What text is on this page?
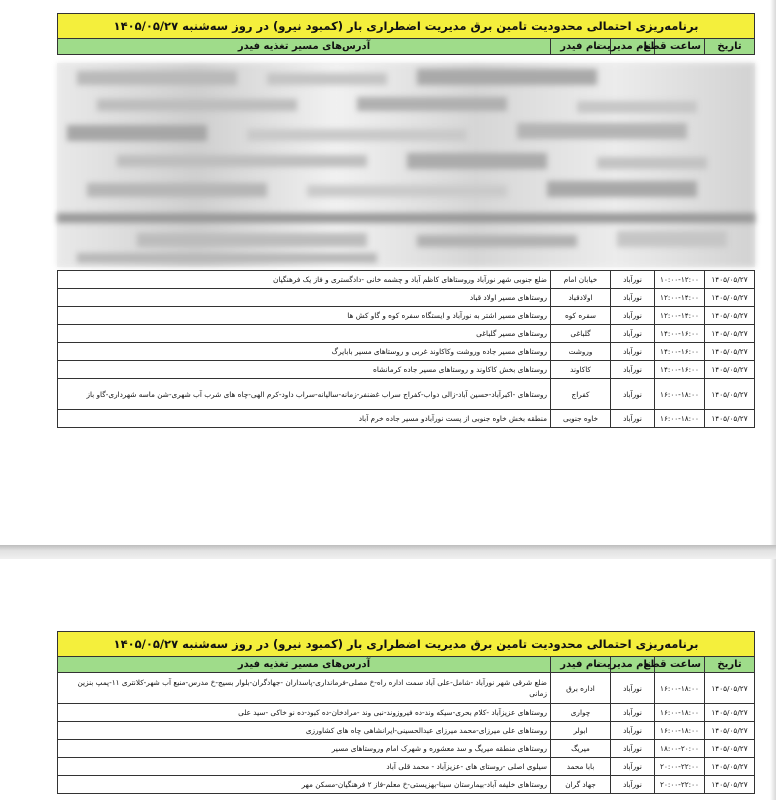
برنامه‌ریزی احتمالی محدودیت تامین برق مدیریت اضطراری بار (کمبود نیرو) در روز سه‌شنبه ۱۴۰۵/۰۵/۲۷
تاریخ	ساعت قطع	نام مدیریت	نام فیدر	آدرس‌های مسیر تغذیه فیدر
۱۴۰۵/۰۵/۲۷	۱۰:۰۰-۱۲:۰۰	نورآباد	خیابان امام	ضلع جنوبی شهر نورآباد وروستاهای کاظم آباد و چشمه خانی -دادگستری و فاز یک فرهنگیان
۱۴۰۵/۰۵/۲۷	۱۲:۰۰-۱۴:۰۰	نورآباد	اولادقباد	روستاهای مسیر اولاد قباد
۱۴۰۵/۰۵/۲۷	۱۲:۰۰-۱۴:۰۰	نورآباد	سفره کوه	روستاهای مسیر اشتر به نورآباد و ایستگاه سفره کوه و گاو کش ها
۱۴۰۵/۰۵/۲۷	۱۴:۰۰-۱۶:۰۰	نورآباد	گلباغی	روستاهای مسیر گلباغی
۱۴۰۵/۰۵/۲۷	۱۴:۰۰-۱۶:۰۰	نورآباد	وروشت	روستاهای مسیر جاده وروشت وکاکاوند غربی و روستاهای مسیر بابایرگ
۱۴۰۵/۰۵/۲۷	۱۴:۰۰-۱۶:۰۰	نورآباد	کاکاوند	روستاهای بخش کاکاوند و روستاهای مسیر جاده کرمانشاه
۱۴۰۵/۰۵/۲۷	۱۶:۰۰-۱۸:۰۰	نورآباد	کفراج	روستاهای -اکبرآباد-حسین آباد-زالی دواب-کفراج سراب غضنفر-زمانه-سالیانه-سراب داود-کرم الهی-چاه های شرب آب شهری-شن ماسه شهرداری-گاو باز
۱۴۰۵/۰۵/۲۷	۱۶:۰۰-۱۸:۰۰	نورآباد	خاوه جنوبی	منطقه بخش خاوه جنوبی از پست نورآبادو مسیر جاده خرم آباد
برنامه‌ریزی احتمالی محدودیت تامین برق مدیریت اضطراری بار (کمبود نیرو) در روز سه‌شنبه ۱۴۰۵/۰۵/۲۷				
تاریخ	ساعت قطع	نام مدیریت	نام فیدر	آدرس‌های مسیر تغذیه فیدر
۱۴۰۵/۰۵/۲۷	۱۶:۰۰-۱۸:۰۰	نورآباد	اداره برق	ضلع شرقی شهر نورآباد -شامل-علی آباد سمت اداره راه-خ مصلی-فرمانداری-پاسداران -جهادگران-بلوار بسیج-خ مدرس-منبع آب شهر-کلانتری ۱۱-پمپ بنزین زمانی
۱۴۰۵/۰۵/۲۷	۱۶:۰۰-۱۸:۰۰	نورآباد	چواری	روستاهای عزیزآباد -کلام بحری-سیکه وند-ده فیروزوند-نبی وند -مرادخان-ده کبود-ده نو خاکی -سید علی
۱۴۰۵/۰۵/۲۷	۱۶:۰۰-۱۸:۰۰	نورآباد	ابولر	روستاهای علی میرزای-محمد میرزای عبدالحسینی-ایرانشاهی چاه های کشاورزی
۱۴۰۵/۰۵/۲۷	۱۸:۰۰-۲۰:۰۰	نورآباد	میریگ	روستاهای منطقه میریگ و سد معشوره و شهرک امام وروستاهای مسیر
۱۴۰۵/۰۵/۲۷	۲۰:۰۰-۲۲:۰۰	نورآباد	بابا محمد	سیلوی اصلی -روستای های -عزیزآباد - محمد قلی آباد
۱۴۰۵/۰۵/۲۷	۲۰:۰۰-۲۲:۰۰	نورآباد	جهاد گران	روستاهای خلیفه آباد-بیمارستان سینا-بهزیستی-خ معلم-فاز ۲ فرهنگیان-مسکن مهر
